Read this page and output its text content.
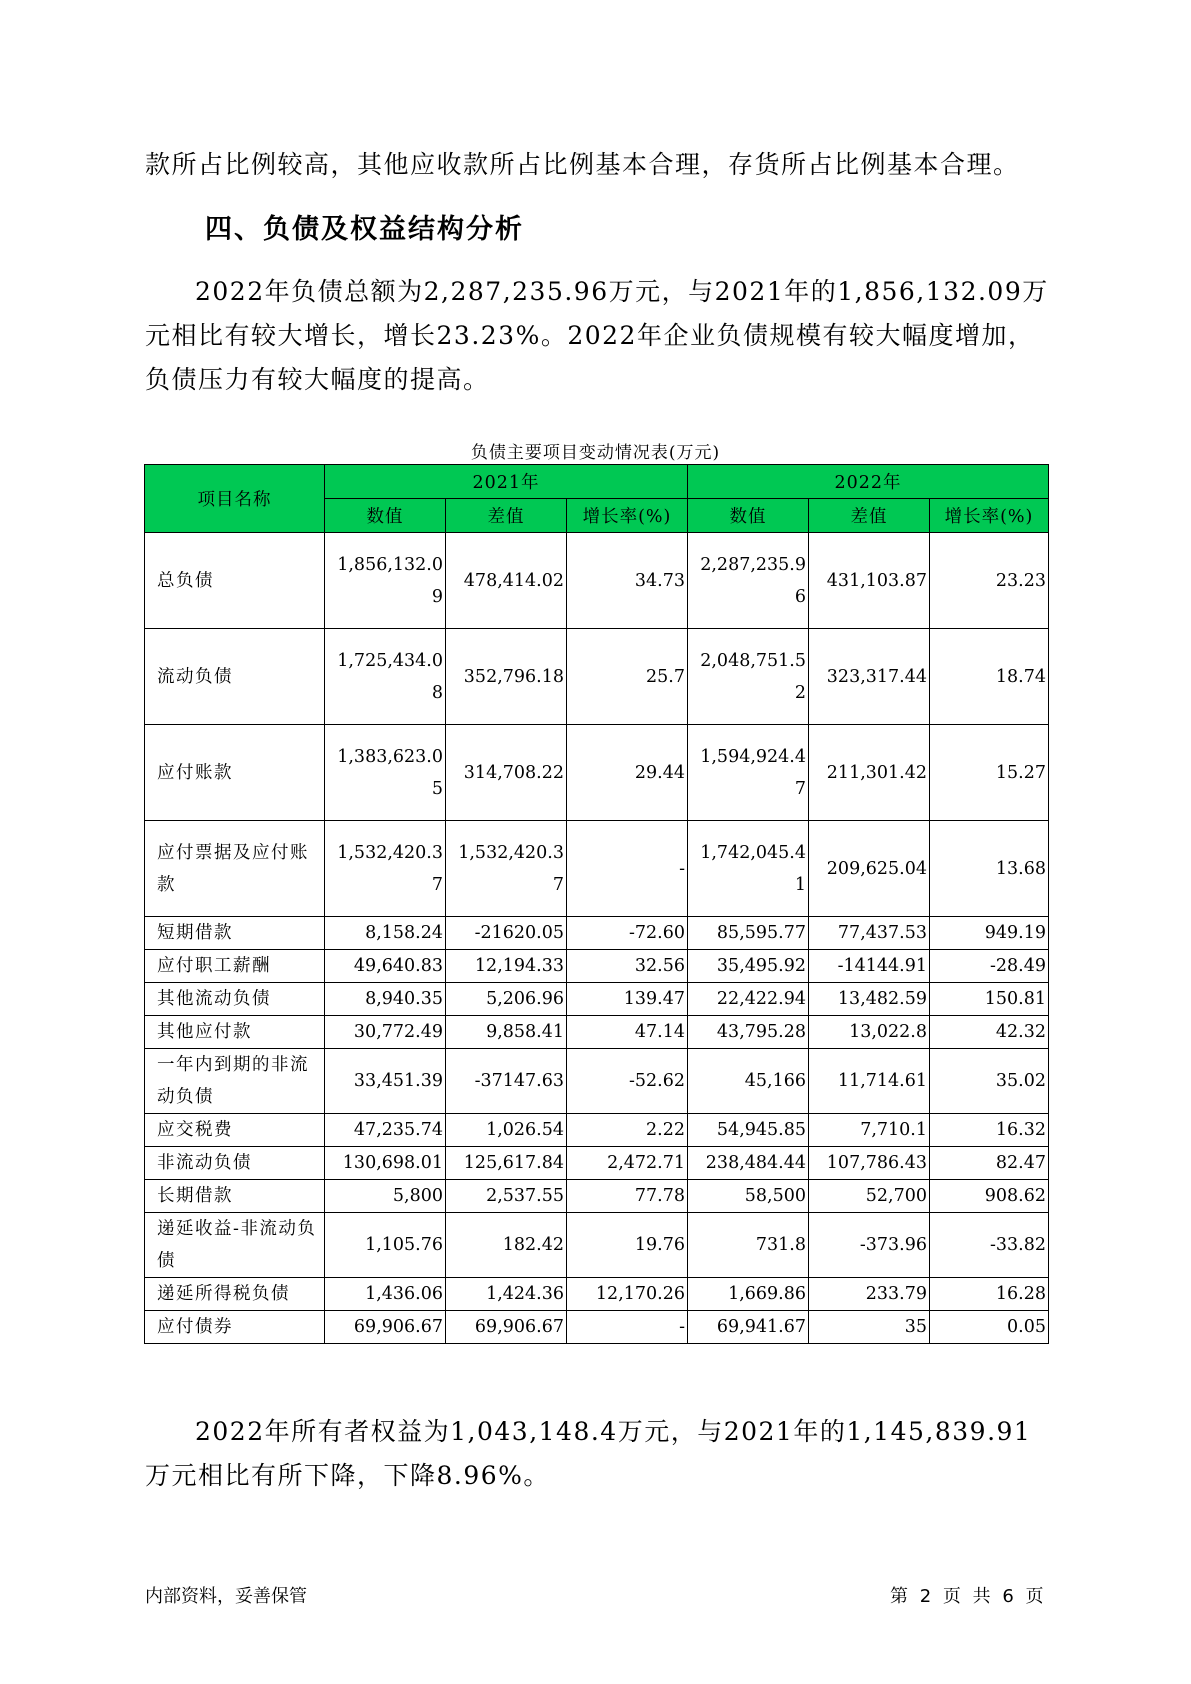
款所占比例较高，其他应收款所占比例基本合理，存货所占比例基本合理。

四、负债及权益结构分析

2022年负债总额为2,287,235.96万元，与2021年的1,856,132.09万元相比有较大增长，增长23.23%。2022年企业负债规模有较大幅度增加，负债压力有较大幅度的提高。

负债主要项目变动情况表(万元)
项目名称	2021年			2022年		
	数值	差值	增长率(%)	数值	差值	增长率(%)
总负债	1,856,132.09	478,414.02	34.73	2,287,235.96	431,103.87	23.23
流动负债	1,725,434.08	352,796.18	25.7	2,048,751.52	323,317.44	18.74
应付账款	1,383,623.05	314,708.22	29.44	1,594,924.47	211,301.42	15.27
应付票据及应付账款	1,532,420.37	1,532,420.37	-	1,742,045.41	209,625.04	13.68
短期借款	8,158.24	-21620.05	-72.60	85,595.77	77,437.53	949.19
应付职工薪酬	49,640.83	12,194.33	32.56	35,495.92	-14144.91	-28.49
其他流动负债	8,940.35	5,206.96	139.47	22,422.94	13,482.59	150.81
其他应付款	30,772.49	9,858.41	47.14	43,795.28	13,022.8	42.32
一年内到期的非流动负债	33,451.39	-37147.63	-52.62	45,166	11,714.61	35.02
应交税费	47,235.74	1,026.54	2.22	54,945.85	7,710.1	16.32
非流动负债	130,698.01	125,617.84	2,472.71	238,484.44	107,786.43	82.47
长期借款	5,800	2,537.55	77.78	58,500	52,700	908.62
递延收益-非流动负债	1,105.76	182.42	19.76	731.8	-373.96	-33.82
递延所得税负债	1,436.06	1,424.36	12,170.26	1,669.86	233.79	16.28
应付债券	69,906.67	69,906.67	-	69,941.67	35	0.05

2022年所有者权益为1,043,148.4万元，与2021年的1,145,839.91万元相比有所下降，下降8.96%。

内部资料，妥善保管	第 2 页 共 6 页
